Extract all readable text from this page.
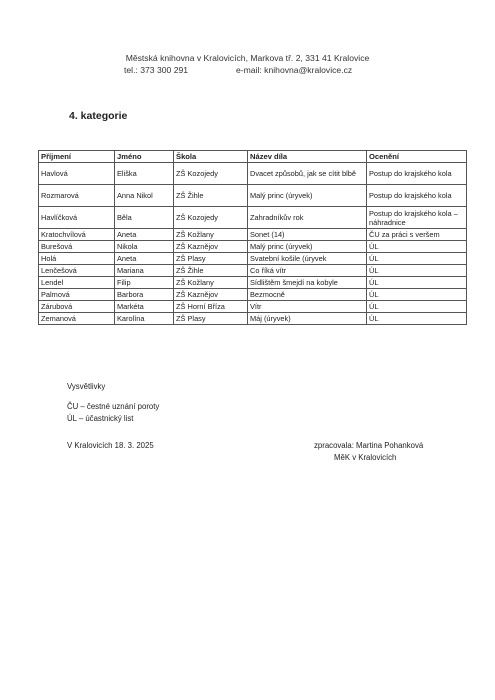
Městská knihovna v Kralovicích, Markova tř. 2, 331 41 Kralovice
tel.: 373 300 291	e-mail: knihovna@kralovice.cz
4. kategorie
Příjmení	Jméno	Škola	Název díla	Ocenění
Havlová	Eliška	ZŠ Kozojedy	Dvacet způsobů, jak se cítit blbě	Postup do krajského kola
Rozmarová	Anna Nikol	ZŠ Žihle	Malý princ (úryvek)	Postup do krajského kola
Havlíčková	Běla	ZŠ Kozojedy	Zahradníkův rok	Postup do krajského kola – náhradnice
Kratochvílová	Aneta	ZŠ Kožlany	Sonet (14)	ČU za práci s veršem
Burešová	Nikola	ZŠ Kaznějov	Malý princ (úryvek)	ÚL
Holá	Aneta	ZŠ Plasy	Svatební košile (úryvek	ÚL
Lenčešová	Mariana	ZŠ Žihle	Co říká vítr	ÚL
Lendel	Filip	ZŠ Kožlany	Sídlištěm šmejdí na kobyle	ÚL
Palmová	Barbora	ZŠ Kaznějov	Bezmocně	ÚL
Zárubová	Markéta	ZŠ Horní Bříza	Vítr	ÚL
Zemanová	Karolína	ZŠ Plasy	Máj (úryvek)	ÚL
Vysvětlivky
ČU – čestné uznání poroty
ÚL – účastnický list
V Kralovicích 18. 3. 2025	zpracovala: Martina Pohanková
MěK v Kralovicích
